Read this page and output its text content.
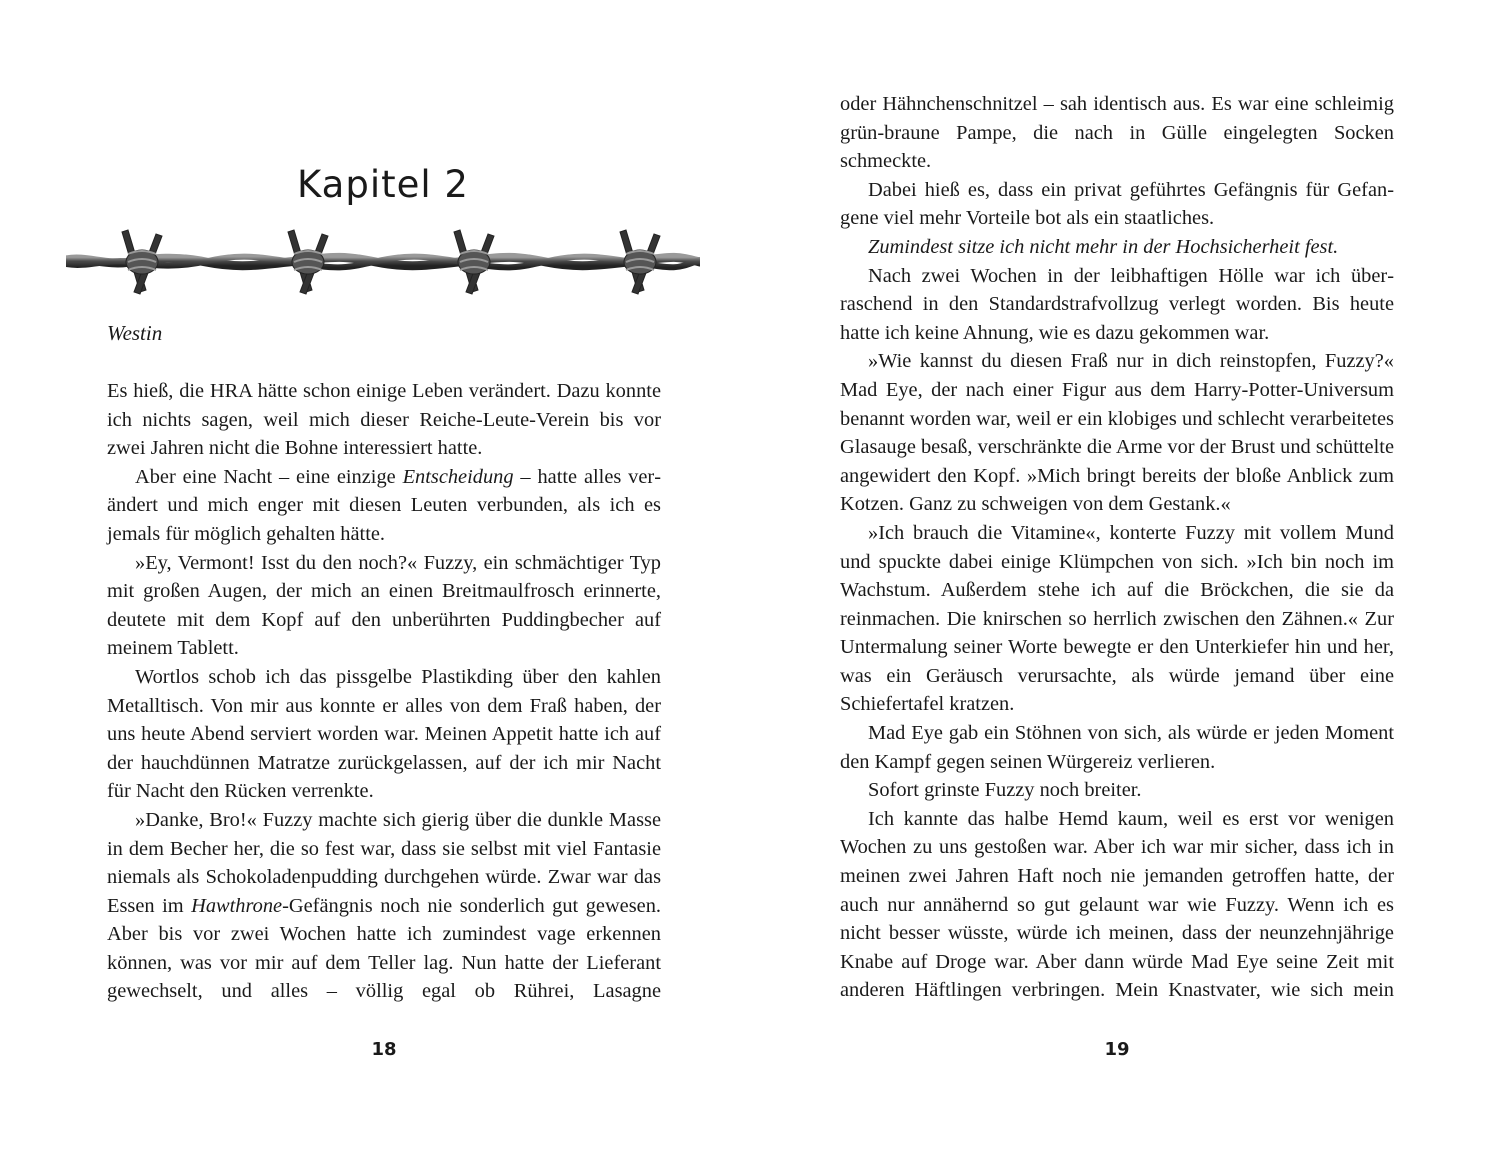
Kapitel 2

Westin

Es hieß, die HRA hätte schon einige Leben verändert. Dazu konnte ich nichts sagen, weil mich dieser Reiche-Leute-Verein bis vor zwei Jahren nicht die Bohne interessiert hatte.

Aber eine Nacht – eine einzige Entscheidung – hatte alles verändert und mich enger mit diesen Leuten verbunden, als ich es jemals für möglich gehalten hätte.

»Ey, Vermont! Isst du den noch?« Fuzzy, ein schmächtiger Typ mit großen Augen, der mich an einen Breitmaulfrosch erinnerte, deutete mit dem Kopf auf den unberührten Puddingbecher auf meinem Tablett.

Wortlos schob ich das pissgelbe Plastikding über den kahlen Metalltisch. Von mir aus konnte er alles von dem Fraß haben, der uns heute Abend serviert worden war. Meinen Appetit hatte ich auf der hauchdünnen Matratze zurückgelassen, auf der ich mir Nacht für Nacht den Rücken verrenkte.

»Danke, Bro!« Fuzzy machte sich gierig über die dunkle Masse in dem Becher her, die so fest war, dass sie selbst mit viel Fantasie niemals als Schokoladenpudding durchgehen würde. Zwar war das Essen im Hawthrone-Gefängnis noch nie sonderlich gut gewesen. Aber bis vor zwei Wochen hatte ich zumindest vage erkennen können, was vor mir auf dem Teller lag. Nun hatte der Lieferant gewechselt, und alles – völlig egal ob Rührei, Lasagne

18

oder Hähnchenschnitzel – sah identisch aus. Es war eine schleimig grün-braune Pampe, die nach in Gülle eingelegten Socken schmeckte.

Dabei hieß es, dass ein privat geführtes Gefängnis für Gefangene viel mehr Vorteile bot als ein staatliches.

Zumindest sitze ich nicht mehr in der Hochsicherheit fest.

Nach zwei Wochen in der leibhaftigen Hölle war ich überraschend in den Standardstrafvollzug verlegt worden. Bis heute hatte ich keine Ahnung, wie es dazu gekommen war.

»Wie kannst du diesen Fraß nur in dich reinstopfen, Fuzzy?« Mad Eye, der nach einer Figur aus dem Harry-Potter-Universum benannt worden war, weil er ein klobiges und schlecht verarbeitetes Glasauge besaß, verschränkte die Arme vor der Brust und schüttelte angewidert den Kopf. »Mich bringt bereits der bloße Anblick zum Kotzen. Ganz zu schweigen von dem Gestank.«

»Ich brauch die Vitamine«, konterte Fuzzy mit vollem Mund und spuckte dabei einige Klümpchen von sich. »Ich bin noch im Wachstum. Außerdem stehe ich auf die Bröckchen, die sie da reinmachen. Die knirschen so herrlich zwischen den Zähnen.« Zur Untermalung seiner Worte bewegte er den Unterkiefer hin und her, was ein Geräusch verursachte, als würde jemand über eine Schiefertafel kratzen.

Mad Eye gab ein Stöhnen von sich, als würde er jeden Moment den Kampf gegen seinen Würgereiz verlieren.

Sofort grinste Fuzzy noch breiter.

Ich kannte das halbe Hemd kaum, weil es erst vor wenigen Wochen zu uns gestoßen war. Aber ich war mir sicher, dass ich in meinen zwei Jahren Haft noch nie jemanden getroffen hatte, der auch nur annähernd so gut gelaunt war wie Fuzzy. Wenn ich es nicht besser wüsste, würde ich meinen, dass der neunzehnjährige Knabe auf Droge war. Aber dann würde Mad Eye seine Zeit mit anderen Häftlingen verbringen. Mein Knastvater, wie sich mein

19
